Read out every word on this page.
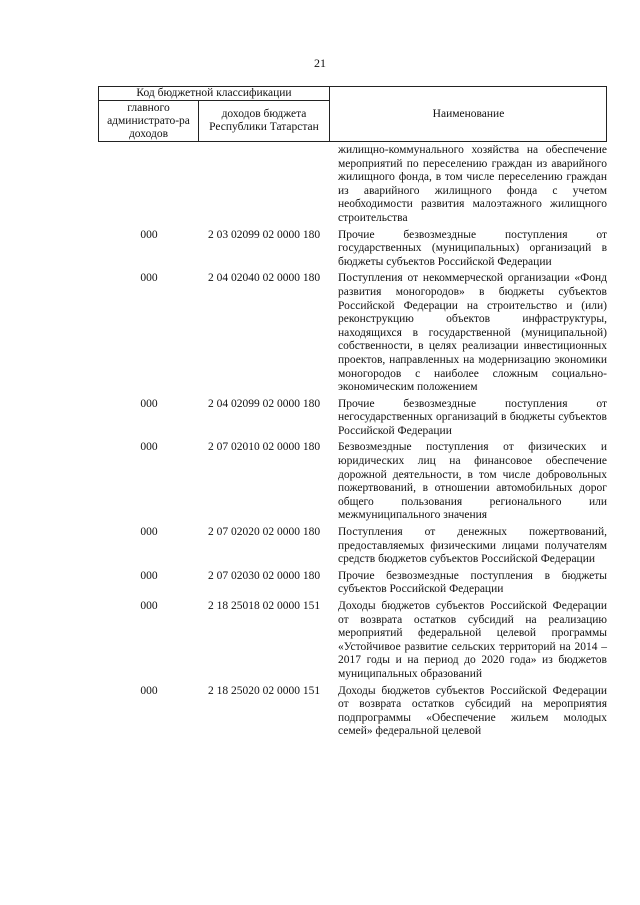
21
Код бюджетной классификации
главного администрато-ра доходов
доходов бюджета Республики Татарстан
Наименование
жилищно-коммунального хозяйства на обеспечение мероприятий по переселению граждан из аварийного жилищного фонда, в том числе переселению граждан из аварийного жилищного фонда с учетом необходимости развития малоэтажного жилищного строительства
000	2 03 02099 02 0000 180	Прочие безвозмездные поступления от государственных (муниципальных) организаций в бюджеты субъектов Российской Федерации
000	2 04 02040 02 0000 180	Поступления от некоммерческой организации «Фонд развития моногородов» в бюджеты субъектов Российской Федерации на строительство и (или) реконструкцию объектов инфраструктуры, находящихся в государственной (муниципальной) собственности, в целях реализации инвестиционных проектов, направленных на модернизацию экономики моногородов с наиболее сложным социально-экономическим положением
000	2 04 02099 02 0000 180	Прочие безвозмездные поступления от негосударственных организаций в бюджеты субъектов Российской Федерации
000	2 07 02010 02 0000 180	Безвозмездные поступления от физических и юридических лиц на финансовое обеспечение дорожной деятельности, в том числе добровольных пожертвований, в отношении автомобильных дорог общего пользования регионального или межмуниципального значения
000	2 07 02020 02 0000 180	Поступления от денежных пожертвований, предоставляемых физическими лицами получателям средств бюджетов субъектов Российской Федерации
000	2 07 02030 02 0000 180	Прочие безвозмездные поступления в бюджеты субъектов Российской Федерации
000	2 18 25018 02 0000 151	Доходы бюджетов субъектов Российской Федерации от возврата остатков субсидий на реализацию мероприятий федеральной целевой программы «Устойчивое развитие сельских территорий на 2014 – 2017 годы и на период до 2020 года» из бюджетов муниципальных образований
000	2 18 25020 02 0000 151	Доходы бюджетов субъектов Российской Федерации от возврата остатков субсидий на мероприятия подпрограммы «Обеспечение жильем молодых семей» федеральной целевой
